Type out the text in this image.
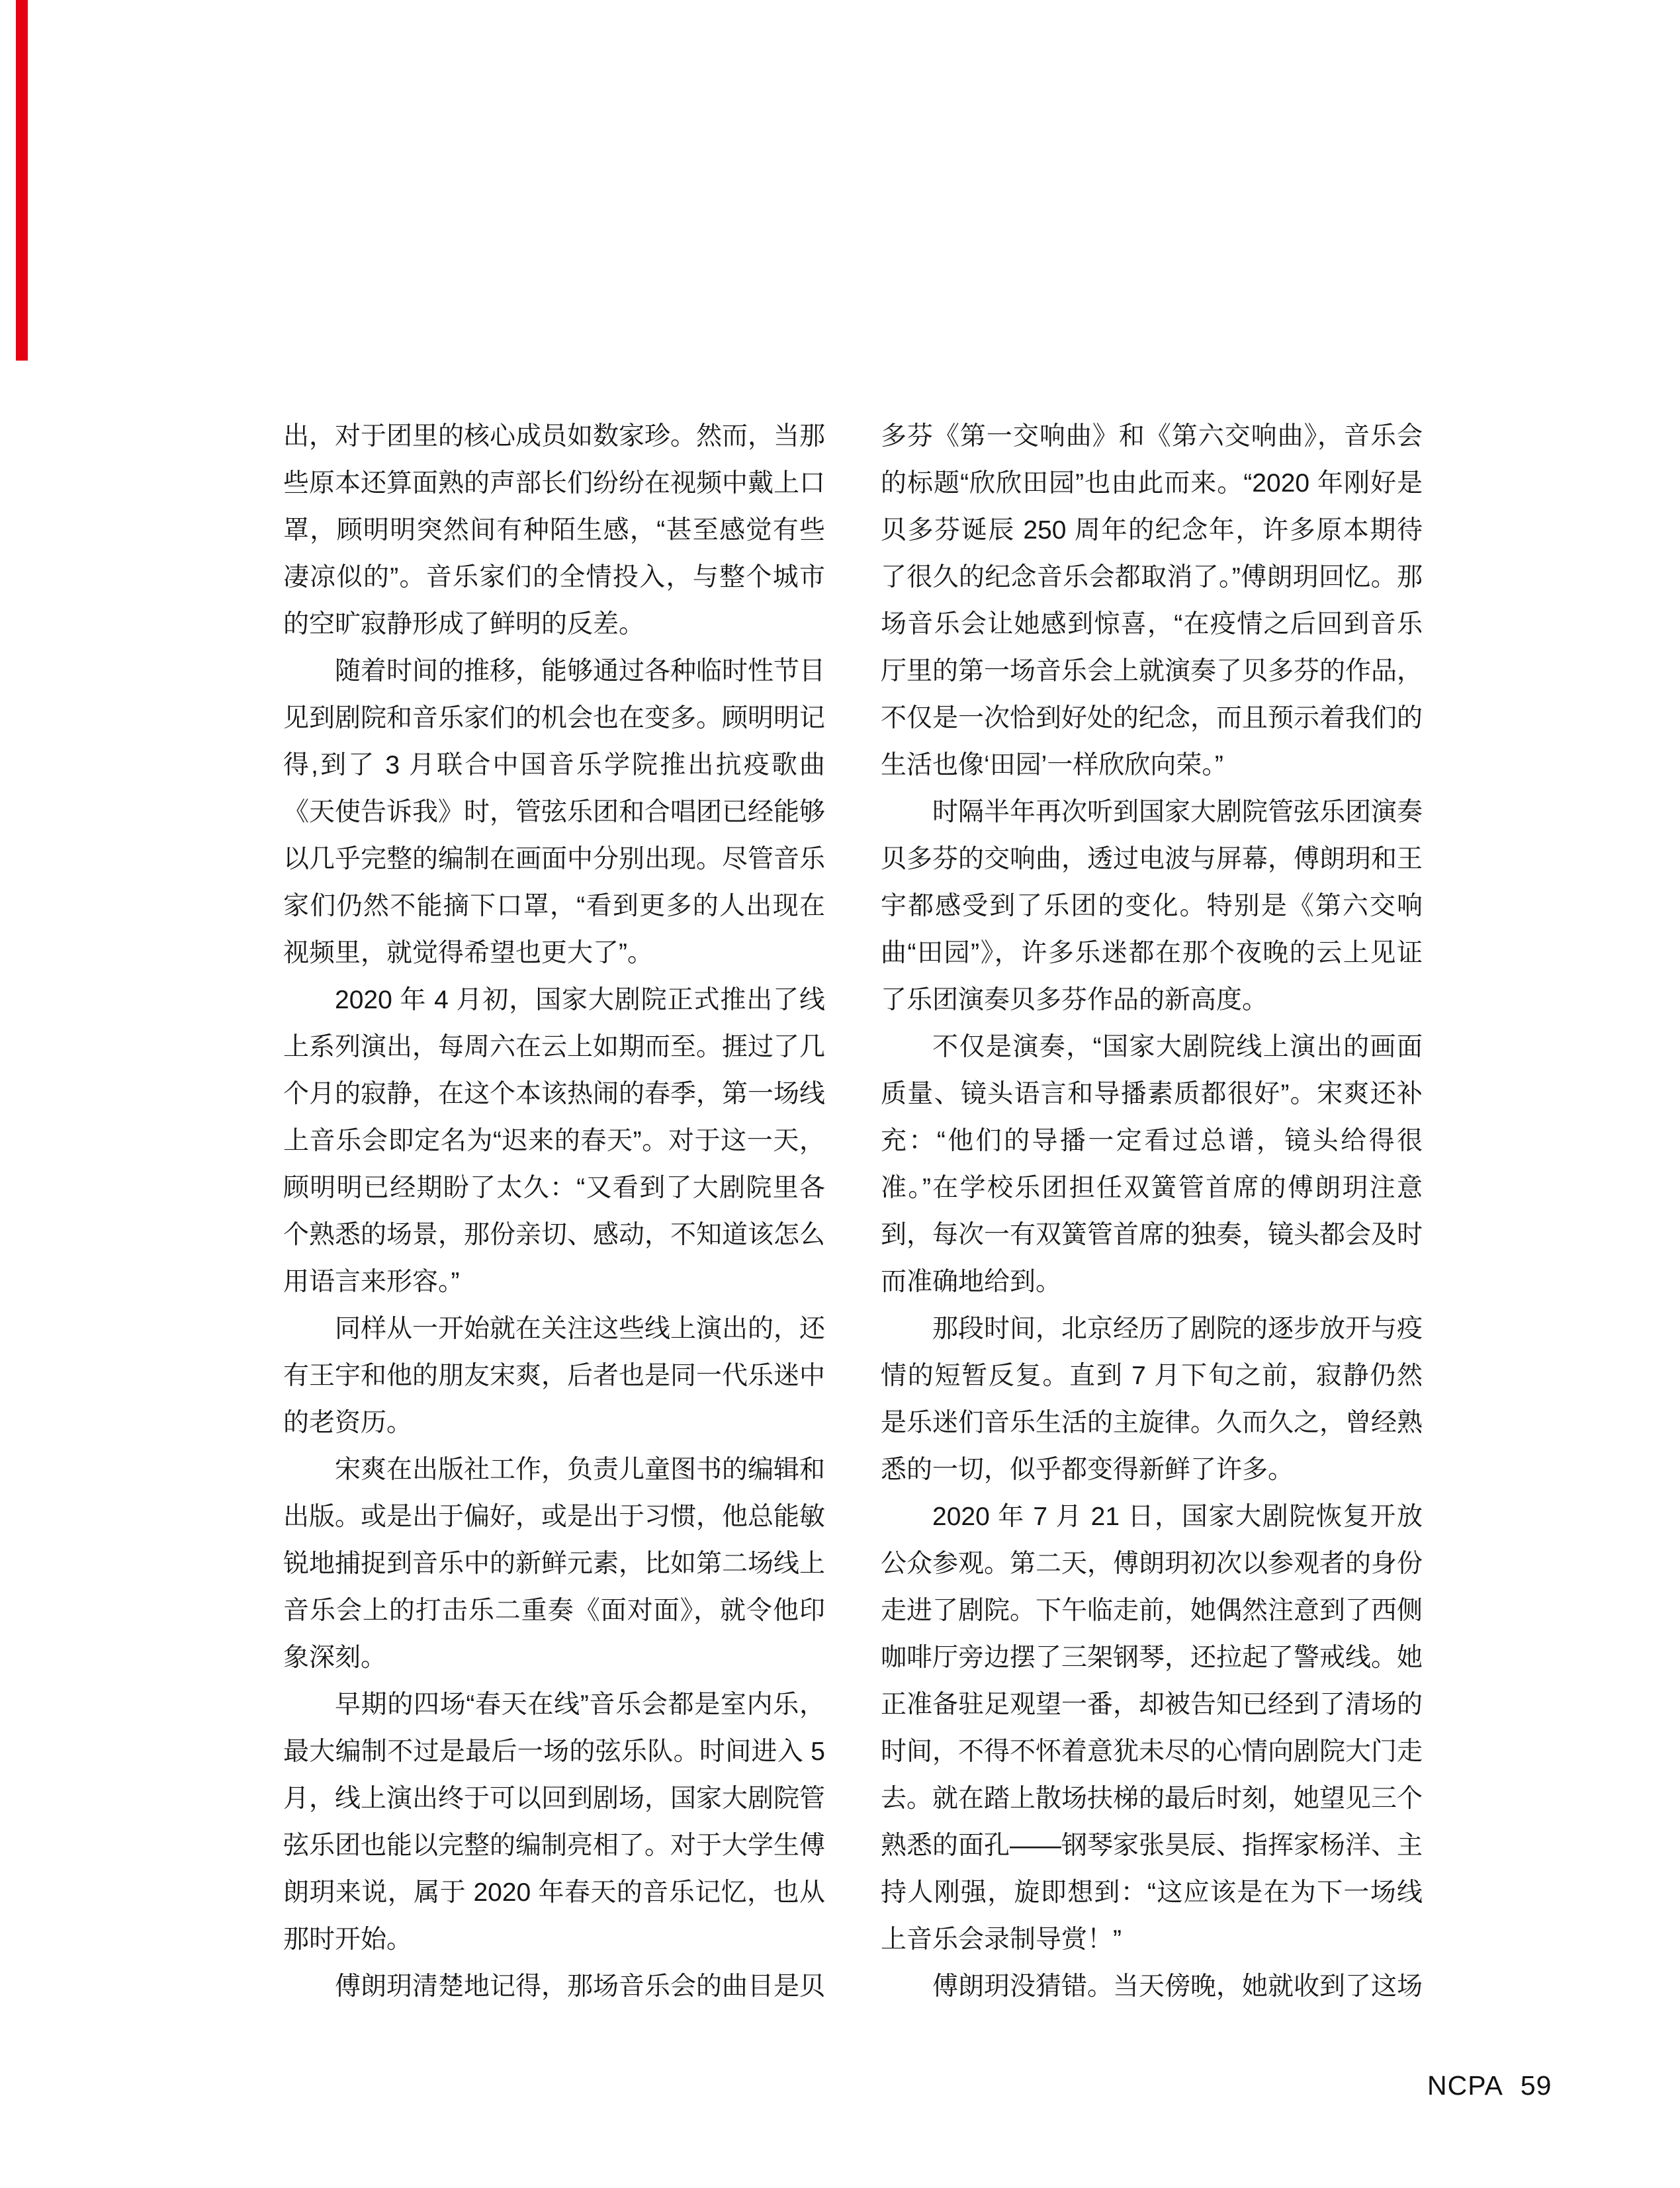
出，对于团里的核心成员如数家珍。然而，当那些原本还算面熟的声部长们纷纷在视频中戴上口罩，顾明明突然间有种陌生感，“甚至感觉有些凄凉似的”。音乐家们的全情投入，与整个城市的空旷寂静形成了鲜明的反差。

随着时间的推移，能够通过各种临时性节目见到剧院和音乐家们的机会也在变多。顾明明记得,到了 3 月联合中国音乐学院推出抗疫歌曲《天使告诉我》时，管弦乐团和合唱团已经能够以几乎完整的编制在画面中分别出现。尽管音乐家们仍然不能摘下口罩，“看到更多的人出现在视频里，就觉得希望也更大了”。

2020 年 4 月初，国家大剧院正式推出了线上系列演出，每周六在云上如期而至。捱过了几个月的寂静，在这个本该热闹的春季，第一场线上音乐会即定名为“迟来的春天”。对于这一天，顾明明已经期盼了太久：“又看到了大剧院里各个熟悉的场景，那份亲切、感动，不知道该怎么用语言来形容。”

同样从一开始就在关注这些线上演出的，还有王宇和他的朋友宋爽，后者也是同一代乐迷中的老资历。

宋爽在出版社工作，负责儿童图书的编辑和出版。或是出于偏好，或是出于习惯，他总能敏锐地捕捉到音乐中的新鲜元素，比如第二场线上音乐会上的打击乐二重奏《面对面》，就令他印象深刻。

早期的四场“春天在线”音乐会都是室内乐，最大编制不过是最后一场的弦乐队。时间进入 5 月，线上演出终于可以回到剧场，国家大剧院管弦乐团也能以完整的编制亮相了。对于大学生傅朗玥来说，属于 2020 年春天的音乐记忆，也从那时开始。

傅朗玥清楚地记得，那场音乐会的曲目是贝

多芬《第一交响曲》和《第六交响曲》，音乐会的标题“欣欣田园”也由此而来。“2020 年刚好是贝多芬诞辰 250 周年的纪念年，许多原本期待了很久的纪念音乐会都取消了。”傅朗玥回忆。那场音乐会让她感到惊喜，“在疫情之后回到音乐厅里的第一场音乐会上就演奏了贝多芬的作品，不仅是一次恰到好处的纪念，而且预示着我们的生活也像‘田园’一样欣欣向荣。”

时隔半年再次听到国家大剧院管弦乐团演奏贝多芬的交响曲，透过电波与屏幕，傅朗玥和王宇都感受到了乐团的变化。特别是《第六交响曲“田园”》，许多乐迷都在那个夜晚的云上见证了乐团演奏贝多芬作品的新高度。

不仅是演奏，“国家大剧院线上演出的画面质量、镜头语言和导播素质都很好”。宋爽还补充：“他们的导播一定看过总谱，镜头给得很准。”在学校乐团担任双簧管首席的傅朗玥注意到，每次一有双簧管首席的独奏，镜头都会及时而准确地给到。

那段时间，北京经历了剧院的逐步放开与疫情的短暂反复。直到 7 月下旬之前，寂静仍然是乐迷们音乐生活的主旋律。久而久之，曾经熟悉的一切，似乎都变得新鲜了许多。

2020 年 7 月 21 日，国家大剧院恢复开放公众参观。第二天，傅朗玥初次以参观者的身份走进了剧院。下午临走前，她偶然注意到了西侧咖啡厅旁边摆了三架钢琴，还拉起了警戒线。她正准备驻足观望一番，却被告知已经到了清场的时间，不得不怀着意犹未尽的心情向剧院大门走去。就在踏上散场扶梯的最后时刻，她望见三个熟悉的面孔——钢琴家张昊辰、指挥家杨洋、主持人刚强，旋即想到：“这应该是在为下一场线上音乐会录制导赏！”

傅朗玥没猜错。当天傍晚，她就收到了这场

NCPA 59
